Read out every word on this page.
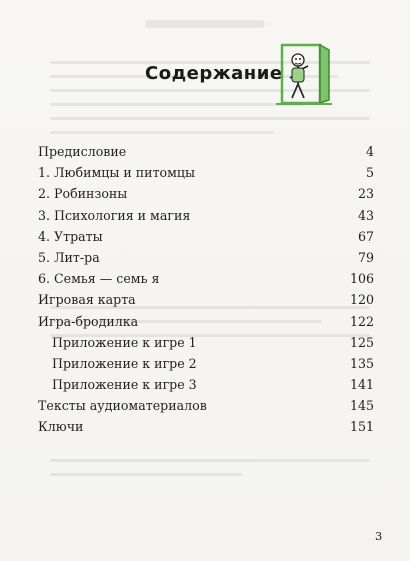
Содержание
Предисловие	4
1. Любимцы и питомцы	5
2. Робинзоны	23
3. Психология и магия	43
4. Утраты	67
5. Лит-ра	79
6. Семья — семь я	106
Игровая карта	120
Игра-бродилка	122
Приложение к игре 1	125
Приложение к игре 2	135
Приложение к игре 3	141
Тексты аудиоматериалов	145
Ключи	151
3
